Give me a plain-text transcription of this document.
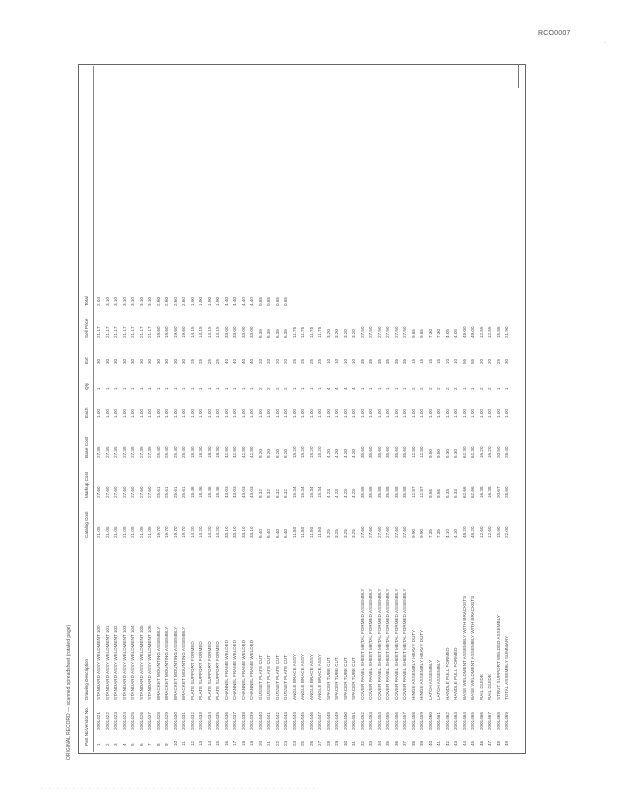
RCO0007
·
ORIGINAL RECORD — scanned spreadsheet (rotated page)	Part No.
Vendor No.
Drawing Description
Catalog Cost
Markup Cost
Base Cost
Each
Qty
Ext
Sell Price
Total
1
2001421
STANDARD ASSY WELDMENT 100
21.05
27.60
27.35
1.00
1
30
21.17
2.04
2
2001422
STANDARD ASSY WELDMENT 101
21.05
27.60
27.35
1.00
1
30
21.17
3.10
3
2001423
STANDARD ASSY WELDMENT 102
21.05
27.60
27.35
1.00
1
30
21.17
3.10
4
2001424
STANDARD ASSY WELDMENT 103
21.05
27.60
27.35
1.00
1
30
21.17
3.10
5
2001425
STANDARD ASSY WELDMENT 104
21.05
27.60
27.35
1.00
1
30
21.17
3.10
6
2001426
STANDARD ASSY WELDMENT 105
21.05
27.60
27.35
1.00
1
30
21.17
3.10
7
2001427
STANDARD ASSY WELDMENT 106
21.05
27.60
27.35
1.00
1
30
21.17
3.10
8
2001428
BRACKET MOUNTING ASSEMBLY
19.70
25.61
25.40
1.00
1
30
19.60
2.60
9
2001429
BRACKET MOUNTING ASSEMBLY
19.70
25.61
25.40
1.00
1
30
19.60
2.60
10
2001430
BRACKET MOUNTING ASSEMBLY
19.70
25.61
25.40
1.00
1
30
19.60
2.60
11
2001431
BRACKET MOUNTING ASSEMBLY
19.70
25.61
25.40
1.00
1
30
19.60
2.60
12
2001432
PLATE SUPPORT FORMED
14.20
18.46
18.30
1.00
1
25
14.15
1.90
13
2001433
PLATE SUPPORT FORMED
14.20
18.46
18.30
1.00
1
25
14.15
1.90
14
2001434
PLATE SUPPORT FORMED
14.20
18.46
18.30
1.00
1
25
14.15
1.90
15
2001435
PLATE SUPPORT FORMED
14.20
18.46
18.30
1.00
1
25
14.15
1.90
16
2001436
CHANNEL FRAME WELDED
33.10
43.03
42.80
1.00
1
40
33.00
4.40
17
2001437
CHANNEL FRAME WELDED
33.10
43.03
42.80
1.00
1
40
33.00
4.40
18
2001438
CHANNEL FRAME WELDED
33.10
43.03
42.80
1.00
1
40
33.00
4.40
19
2001439
CHANNEL FRAME WELDED
33.10
43.03
42.80
1.00
1
40
33.00
4.40
20
2001440
GUSSET PLATE CUT
6.40
8.32
8.20
1.00
2
20
6.35
0.85
21
2001441
GUSSET PLATE CUT
6.40
8.32
8.20
1.00
2
20
6.35
0.85
22
2001442
GUSSET PLATE CUT
6.40
8.32
8.20
1.00
2
20
6.35
0.85
23
2001443
GUSSET PLATE CUT
6.40
8.32
8.20
1.00
2
20
6.35
0.85
24
2001444
ANGLE BRACE ASSY
11.80
15.34
15.20
1.00
1
25
11.75
25
2001445
ANGLE BRACE ASSY
11.80
15.34
15.20
1.00
1
25
11.75
26
2001446
ANGLE BRACE ASSY
11.80
15.34
15.20
1.00
1
25
11.75
27
2001447
ANGLE BRACE ASSY
11.80
15.34
15.20
1.00
1
25
11.75
28
2001448
SPACER TUBE CUT
3.25
4.23
4.20
1.00
4
10
3.20
29
2001449
SPACER TUBE CUT
3.25
4.23
4.20
1.00
4
10
3.20
30
2001450
SPACER TUBE CUT
3.25
4.23
4.20
1.00
4
10
3.20
31
2001451
SPACER TUBE CUT
3.25
4.23
4.20
1.00
4
10
3.20
32
2001452
COVER PANEL SHEET METAL FORMED ASSEMBLY
27.60
35.88
35.60
1.00
1
35
27.50
33
2001453
COVER PANEL SHEET METAL FORMED ASSEMBLY
27.60
35.88
35.60
1.00
1
35
27.50
34
2001454
COVER PANEL SHEET METAL FORMED ASSEMBLY
27.60
35.88
35.60
1.00
1
35
27.50
35
2001455
COVER PANEL SHEET METAL FORMED ASSEMBLY
27.60
35.88
35.60
1.00
1
35
27.50
36
2001456
COVER PANEL SHEET METAL FORMED ASSEMBLY
27.60
35.88
35.60
1.00
1
35
27.50
37
2001457
COVER PANEL SHEET METAL FORMED ASSEMBLY
27.60
35.88
35.60
1.00
1
35
27.50
38
2001458
HINGE ASSEMBLY HEAVY DUTY
9.90
12.87
12.80
1.00
2
15
9.85
39
2001459
HINGE ASSEMBLY HEAVY DUTY
9.90
12.87
12.80
1.00
2
15
9.85
40
2001460
LATCH ASSEMBLY
7.35
9.56
9.50
1.00
2
15
7.30
41
2001461
LATCH ASSEMBLY
7.35
9.56
9.50
1.00
2
15
7.30
42
2001462
HANDLE PULL FORMED
4.10
5.33
5.30
1.00
2
10
4.05
43
2001463
HANDLE PULL FORMED
4.10
5.33
5.30
1.00
2
10
4.05
44
2001464
BASE WELDMENT ASSEMBLY WITH BRACKETS
48.20
62.66
62.30
1.00
1
55
48.00
45
2001465
BASE WELDMENT ASSEMBLY WITH BRACKETS
48.20
62.66
62.30
1.00
1
55
48.00
46
2001466
RAIL GUIDE
12.60
16.38
16.20
1.00
2
20
12.55
47
2001467
RAIL GUIDE
12.60
16.38
16.20
1.00
2
20
12.55
48
2001468
STRUT SUPPORT WELDED ASSEMBLY
15.90
20.67
20.50
1.00
1
25
15.85
49
2001469
TOTAL ASSEMBLY SUMMARY
22.00
28.60
28.40
1.00
1
30
21.90
· · · · · · · · · · · · · · · · · · · · · · · · · · · · · · · · · · ·
